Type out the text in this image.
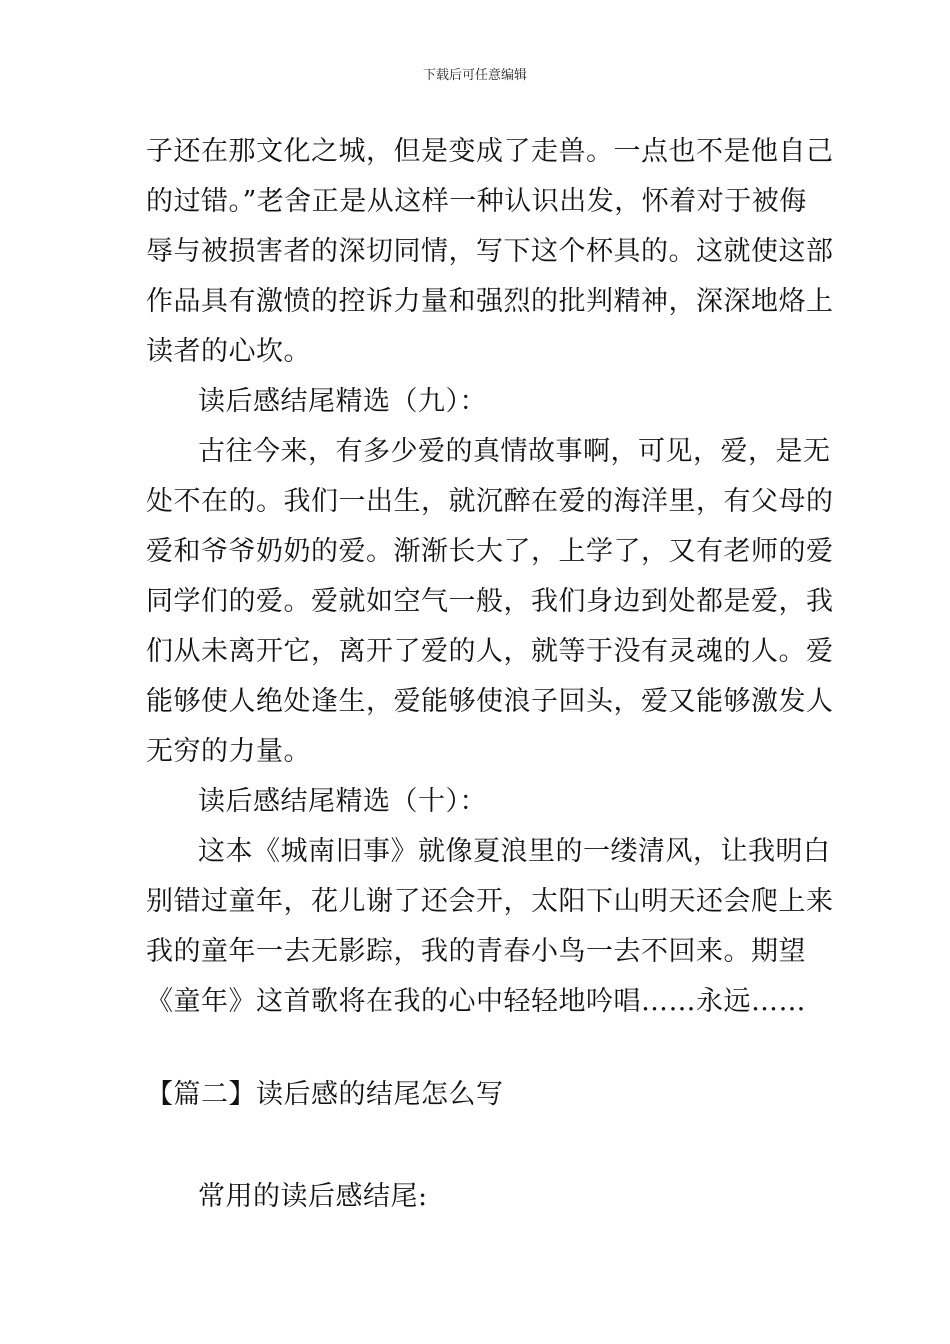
下载后可任意编辑
子还在那文化之城，但是变成了走兽。一点也不是他自己
的过错。”老舍正是从这样一种认识出发，怀着对于被侮
辱与被损害者的深切同情，写下这个杯具的。这就使这部
作品具有激愤的控诉力量和强烈的批判精神，深深地烙上
读者的心坎。
读后感结尾精选（九）：
古往今来，有多少爱的真情故事啊，可见，爱，是无
处不在的。我们一出生，就沉醉在爱的海洋里，有父母的
爱和爷爷奶奶的爱。渐渐长大了，上学了，又有老师的爱
同学们的爱。爱就如空气一般，我们身边到处都是爱，我
们从未离开它，离开了爱的人，就等于没有灵魂的人。爱
能够使人绝处逢生，爱能够使浪子回头，爱又能够激发人
无穷的力量。
读后感结尾精选（十）：
这本《城南旧事》就像夏浪里的一缕清风，让我明白
别错过童年，花儿谢了还会开，太阳下山明天还会爬上来
我的童年一去无影踪，我的青春小鸟一去不回来。期望
《童年》这首歌将在我的心中轻轻地吟唱……永远……
【篇二】读后感的结尾怎么写
常用的读后感结尾:
